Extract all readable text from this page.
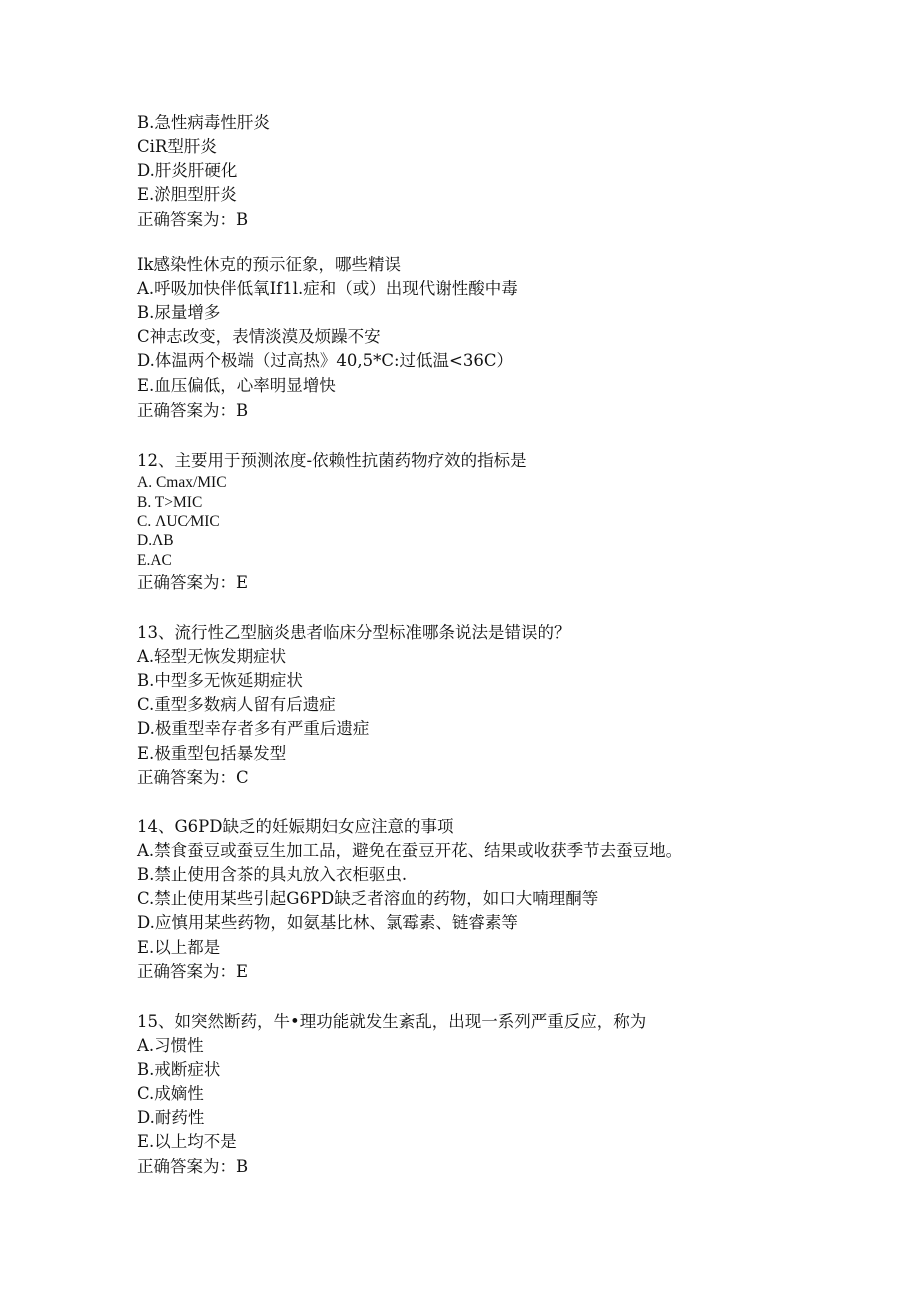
B.急性病毒性肝炎
CiR型肝炎
D.肝炎肝硬化
E.淤胆型肝炎
正确答案为：B
Ik感染性休克的预示征象，哪些精误
A.呼吸加快伴低氧If1l.症和（或）出现代谢性酸中毒
B.尿量增多
C神志改变，表情淡漠及烦躁不安
D.体温两个极端（过高热》40,5*C:过低温<36C）
E.血压偏低，心率明显增快
正确答案为：B
12、主要用于预测浓度-依赖性抗菌药物疗效的指标是
A. Cmax/MIC
B. T>MIC
C. ΛUC⁄MIC
D.ΛB
E.AC
正确答案为：E
13、流行性乙型脑炎患者临床分型标准哪条说法是错误的？
A.轻型无恢发期症状
B.中型多无恢延期症状
C.重型多数病人留有后遗症
D.极重型幸存者多有严重后遗症
E.极重型包括暴发型
正确答案为：C
14、G6PD缺乏的妊娠期妇女应注意的事项
A.禁食蚕豆或蚕豆生加工品，避免在蚕豆开花、结果或收获季节去蚕豆地。
B.禁止使用含茶的具丸放入衣柜驱虫.
C.禁止使用某些引起G6PD缺乏者溶血的药物，如口大喃理酮等
D.应慎用某些药物，如氨基比林、氯霉素、链睿素等
E.以上都是
正确答案为：E
15、如突然断药，牛•理功能就发生紊乱，出现一系列严重反应，称为
A.习惯性
B.戒断症状
C.成嫡性
D.耐药性
E.以上均不是
正确答案为：B
